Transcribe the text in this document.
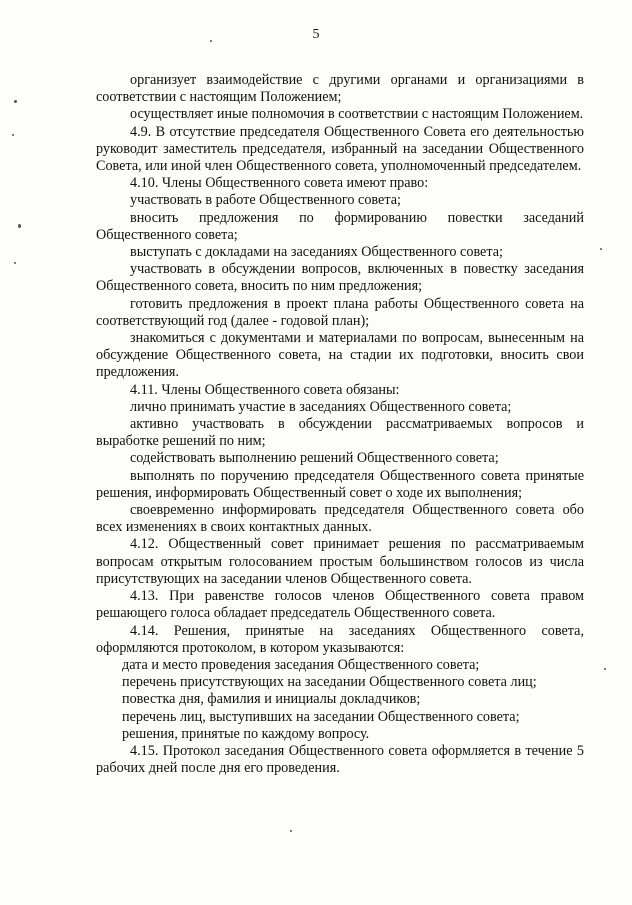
5

организует взаимодействие с другими органами и организациями в соответствии с настоящим Положением;

осуществляет иные полномочия в соответствии с настоящим Положением.

4.9. В отсутствие председателя Общественного Совета его деятельностью руководит заместитель председателя, избранный на заседании Общественного Совета, или иной член Общественного совета, уполномоченный председателем.

4.10. Члены Общественного совета имеют право:

участвовать в работе Общественного совета;

вносить предложения по формированию повестки заседаний Общественного совета;

выступать с докладами на заседаниях Общественного совета;

участвовать в обсуждении вопросов, включенных в повестку заседания Общественного совета, вносить по ним предложения;

готовить предложения в проект плана работы Общественного совета на соответствующий год (далее - годовой план);

знакомиться с документами и материалами по вопросам, вынесенным на обсуждение Общественного совета, на стадии их подготовки, вносить свои предложения.

4.11. Члены Общественного совета обязаны:

лично принимать участие в заседаниях Общественного совета;

активно участвовать в обсуждении рассматриваемых вопросов и выработке решений по ним;

содействовать выполнению решений Общественного совета;

выполнять по поручению председателя Общественного совета принятые решения, информировать Общественный совет о ходе их выполнения;

своевременно информировать председателя Общественного совета обо всех изменениях в своих контактных данных.

4.12. Общественный совет принимает решения по рассматриваемым вопросам открытым голосованием простым большинством голосов из числа присутствующих на заседании членов Общественного совета.

4.13. При равенстве голосов членов Общественного совета правом решающего голоса обладает председатель Общественного совета.

4.14. Решения, принятые на заседаниях Общественного совета, оформляются протоколом, в котором указываются:

дата и место проведения заседания Общественного совета;

перечень присутствующих на заседании Общественного совета лиц;

повестка дня, фамилия и инициалы докладчиков;

перечень лиц, выступивших на заседании Общественного совета;

решения, принятые по каждому вопросу.

4.15. Протокол заседания Общественного совета оформляется в течение 5 рабочих дней после дня его проведения.
